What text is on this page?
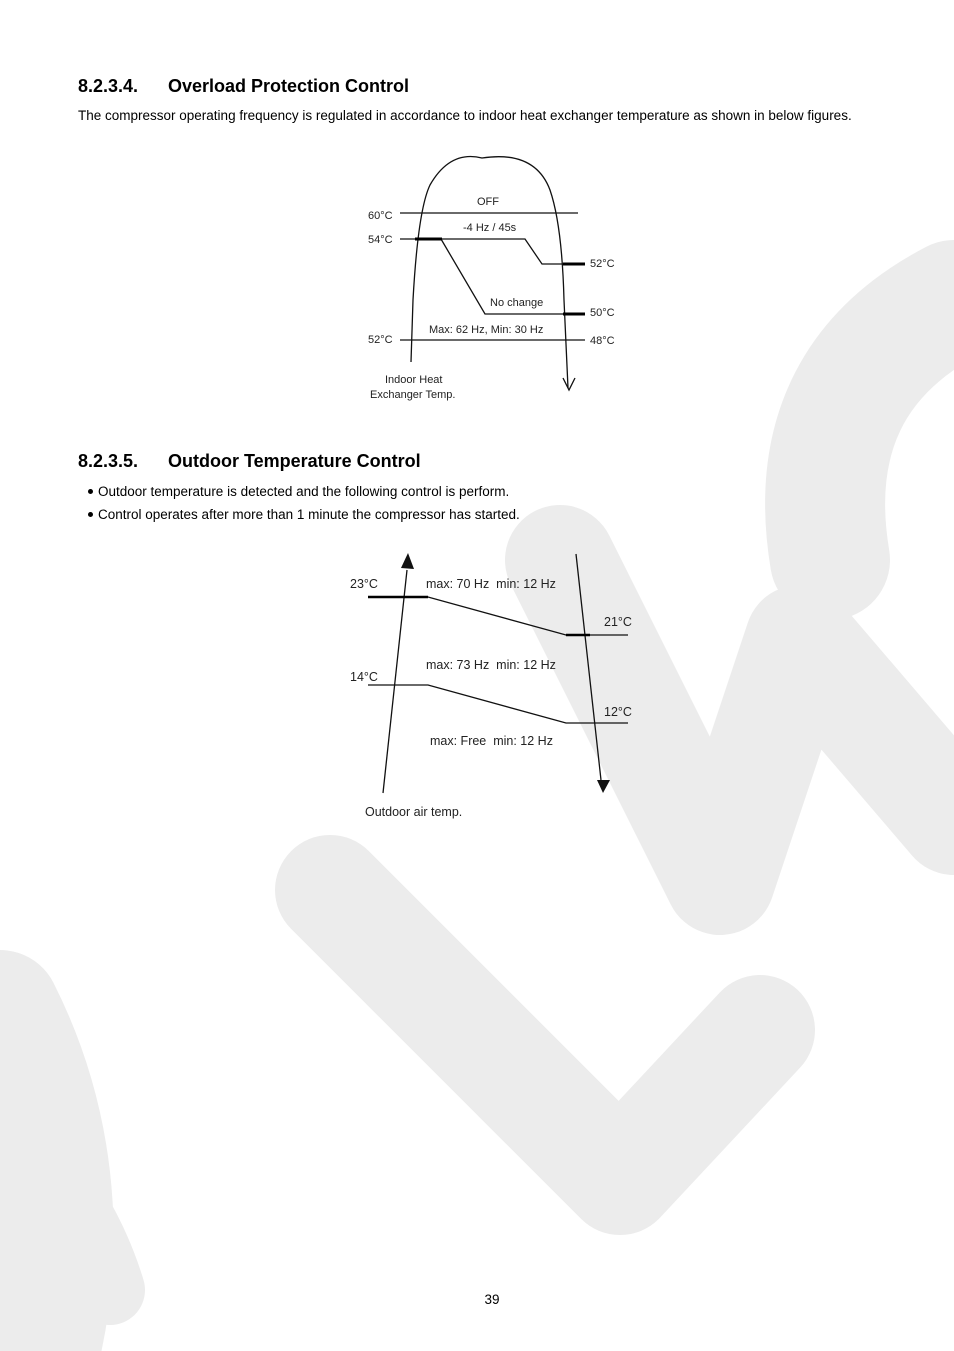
8.2.3.4. Overload Protection Control

The compressor operating frequency is regulated in accordance to indoor heat exchanger temperature as shown in below figures.

60°C
54°C
52°C
52°C
50°C
48°C
OFF
-4 Hz / 45s
No change
Max: 62 Hz, Min: 30 Hz
Indoor Heat
Exchanger Temp.
8.2.3.5. Outdoor Temperature Control

Outdoor temperature is detected and the following control is perform.

Control operates after more than 1 minute the compressor has started.

23°C
14°C
21°C
12°C
max: 70 Hz  min: 12 Hz
max: 73 Hz  min: 12 Hz
max: Free  min: 12 Hz
Outdoor air temp.
39
